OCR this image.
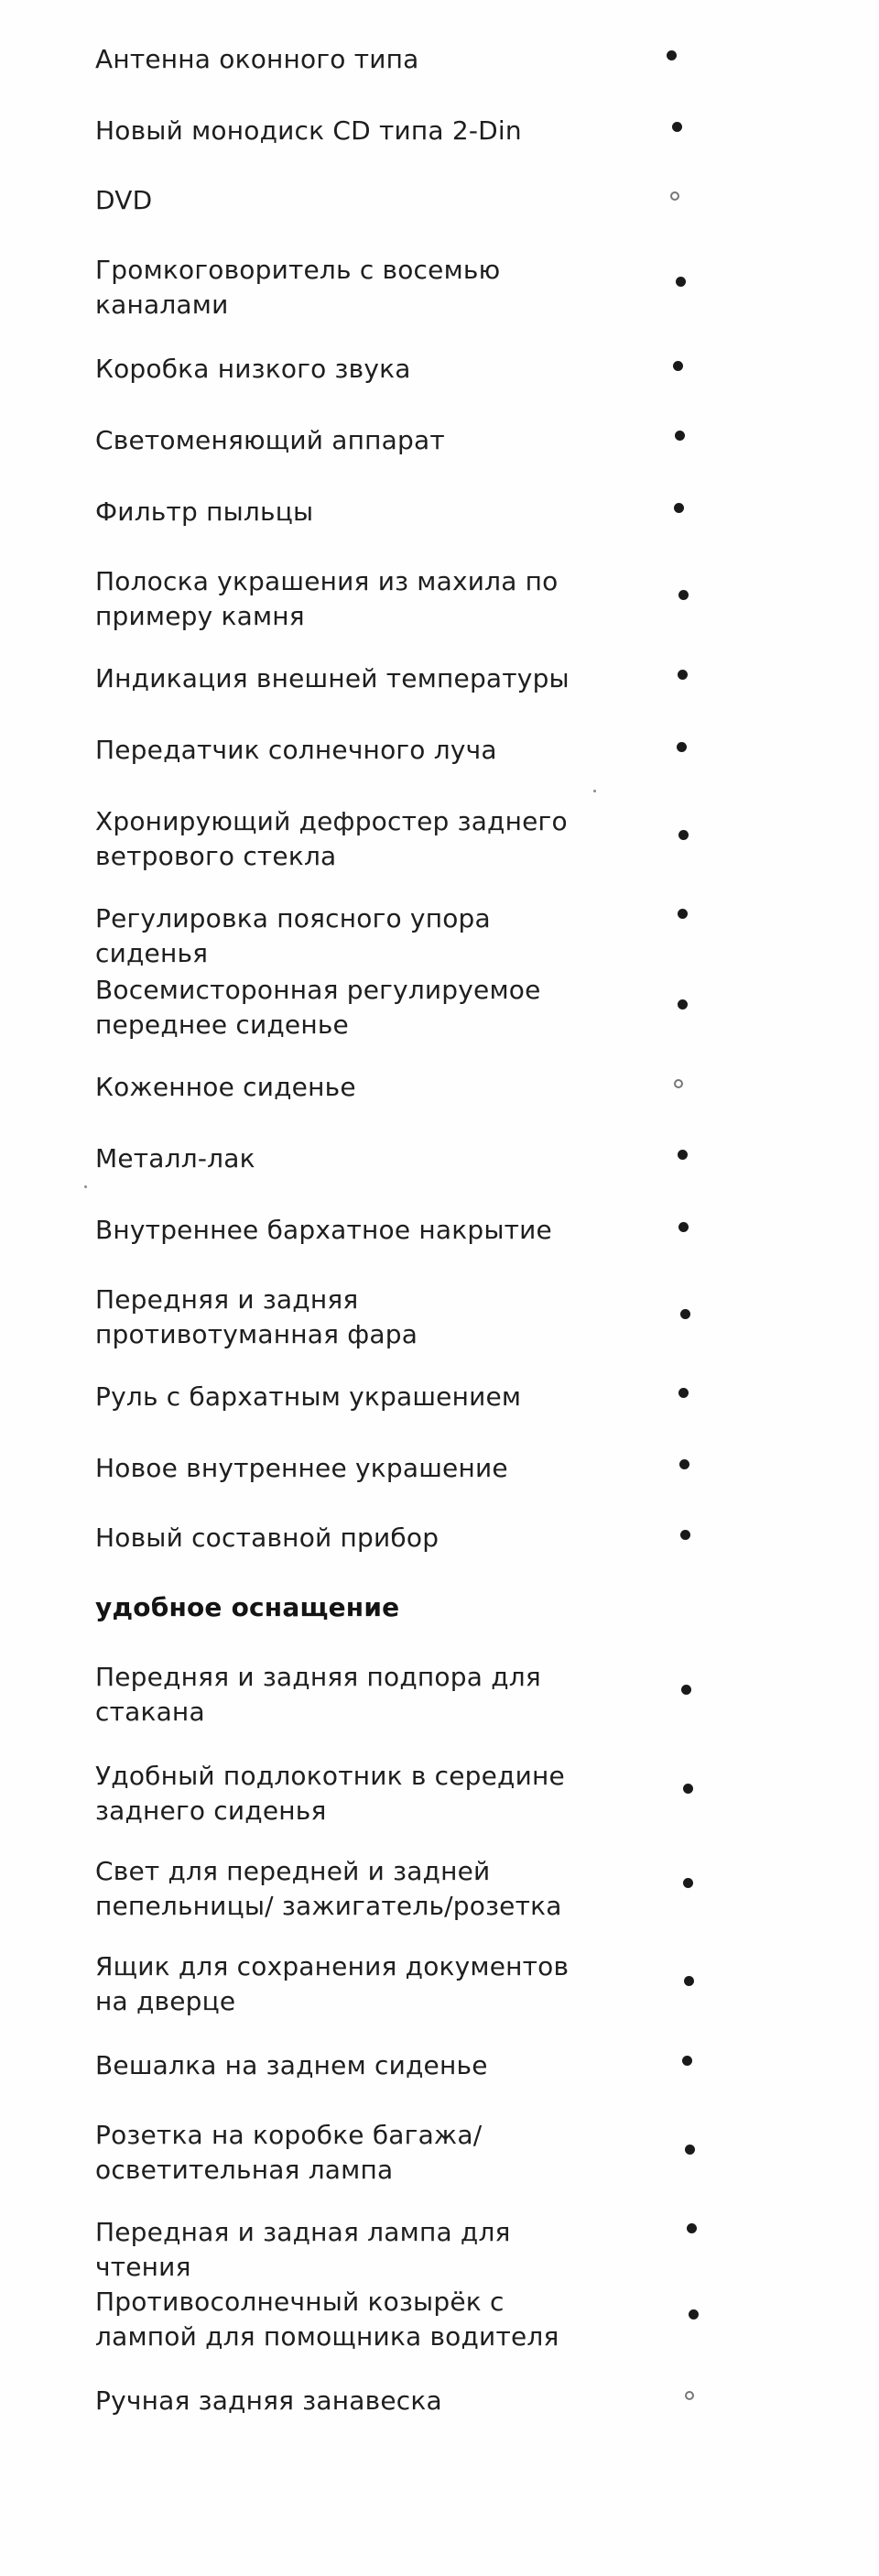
Антенна оконного типа
Новый монодиск CD типа 2-Din
DVD
Громкоговоритель с восемью каналами
Коробка низкого звука
Светоменяющий аппарат
Фильтр пыльцы
Полоска украшения из махила по примеру камня
Индикация внешней температуры
Передатчик солнечного луча
Хронирующий дефростер заднего ветрового стекла
Регулировка поясного упора сиденья
Восемисторонная регулируемое переднее сиденье
Коженное сиденье
Металл-лак
Внутреннее бархатное накрытие
Передняя и задняя противотуманная фара
Руль с бархатным украшением
Новое внутреннее украшение
Новый составной прибор
удобное оснащение
Передняя и задняя подпора для стакана
Удобный подлокотник в середине заднего сиденья
Свет для передней и задней пепельницы/ зажигатель/розетка
Ящик для сохранения документов на дверце
Вешалка на заднем сиденье
Розетка на коробке багажа/ осветительная лампа
Передная и задная лампа для чтения
Противосолнечный козырёк с лампой для помощника водителя
Ручная задняя занавеска
